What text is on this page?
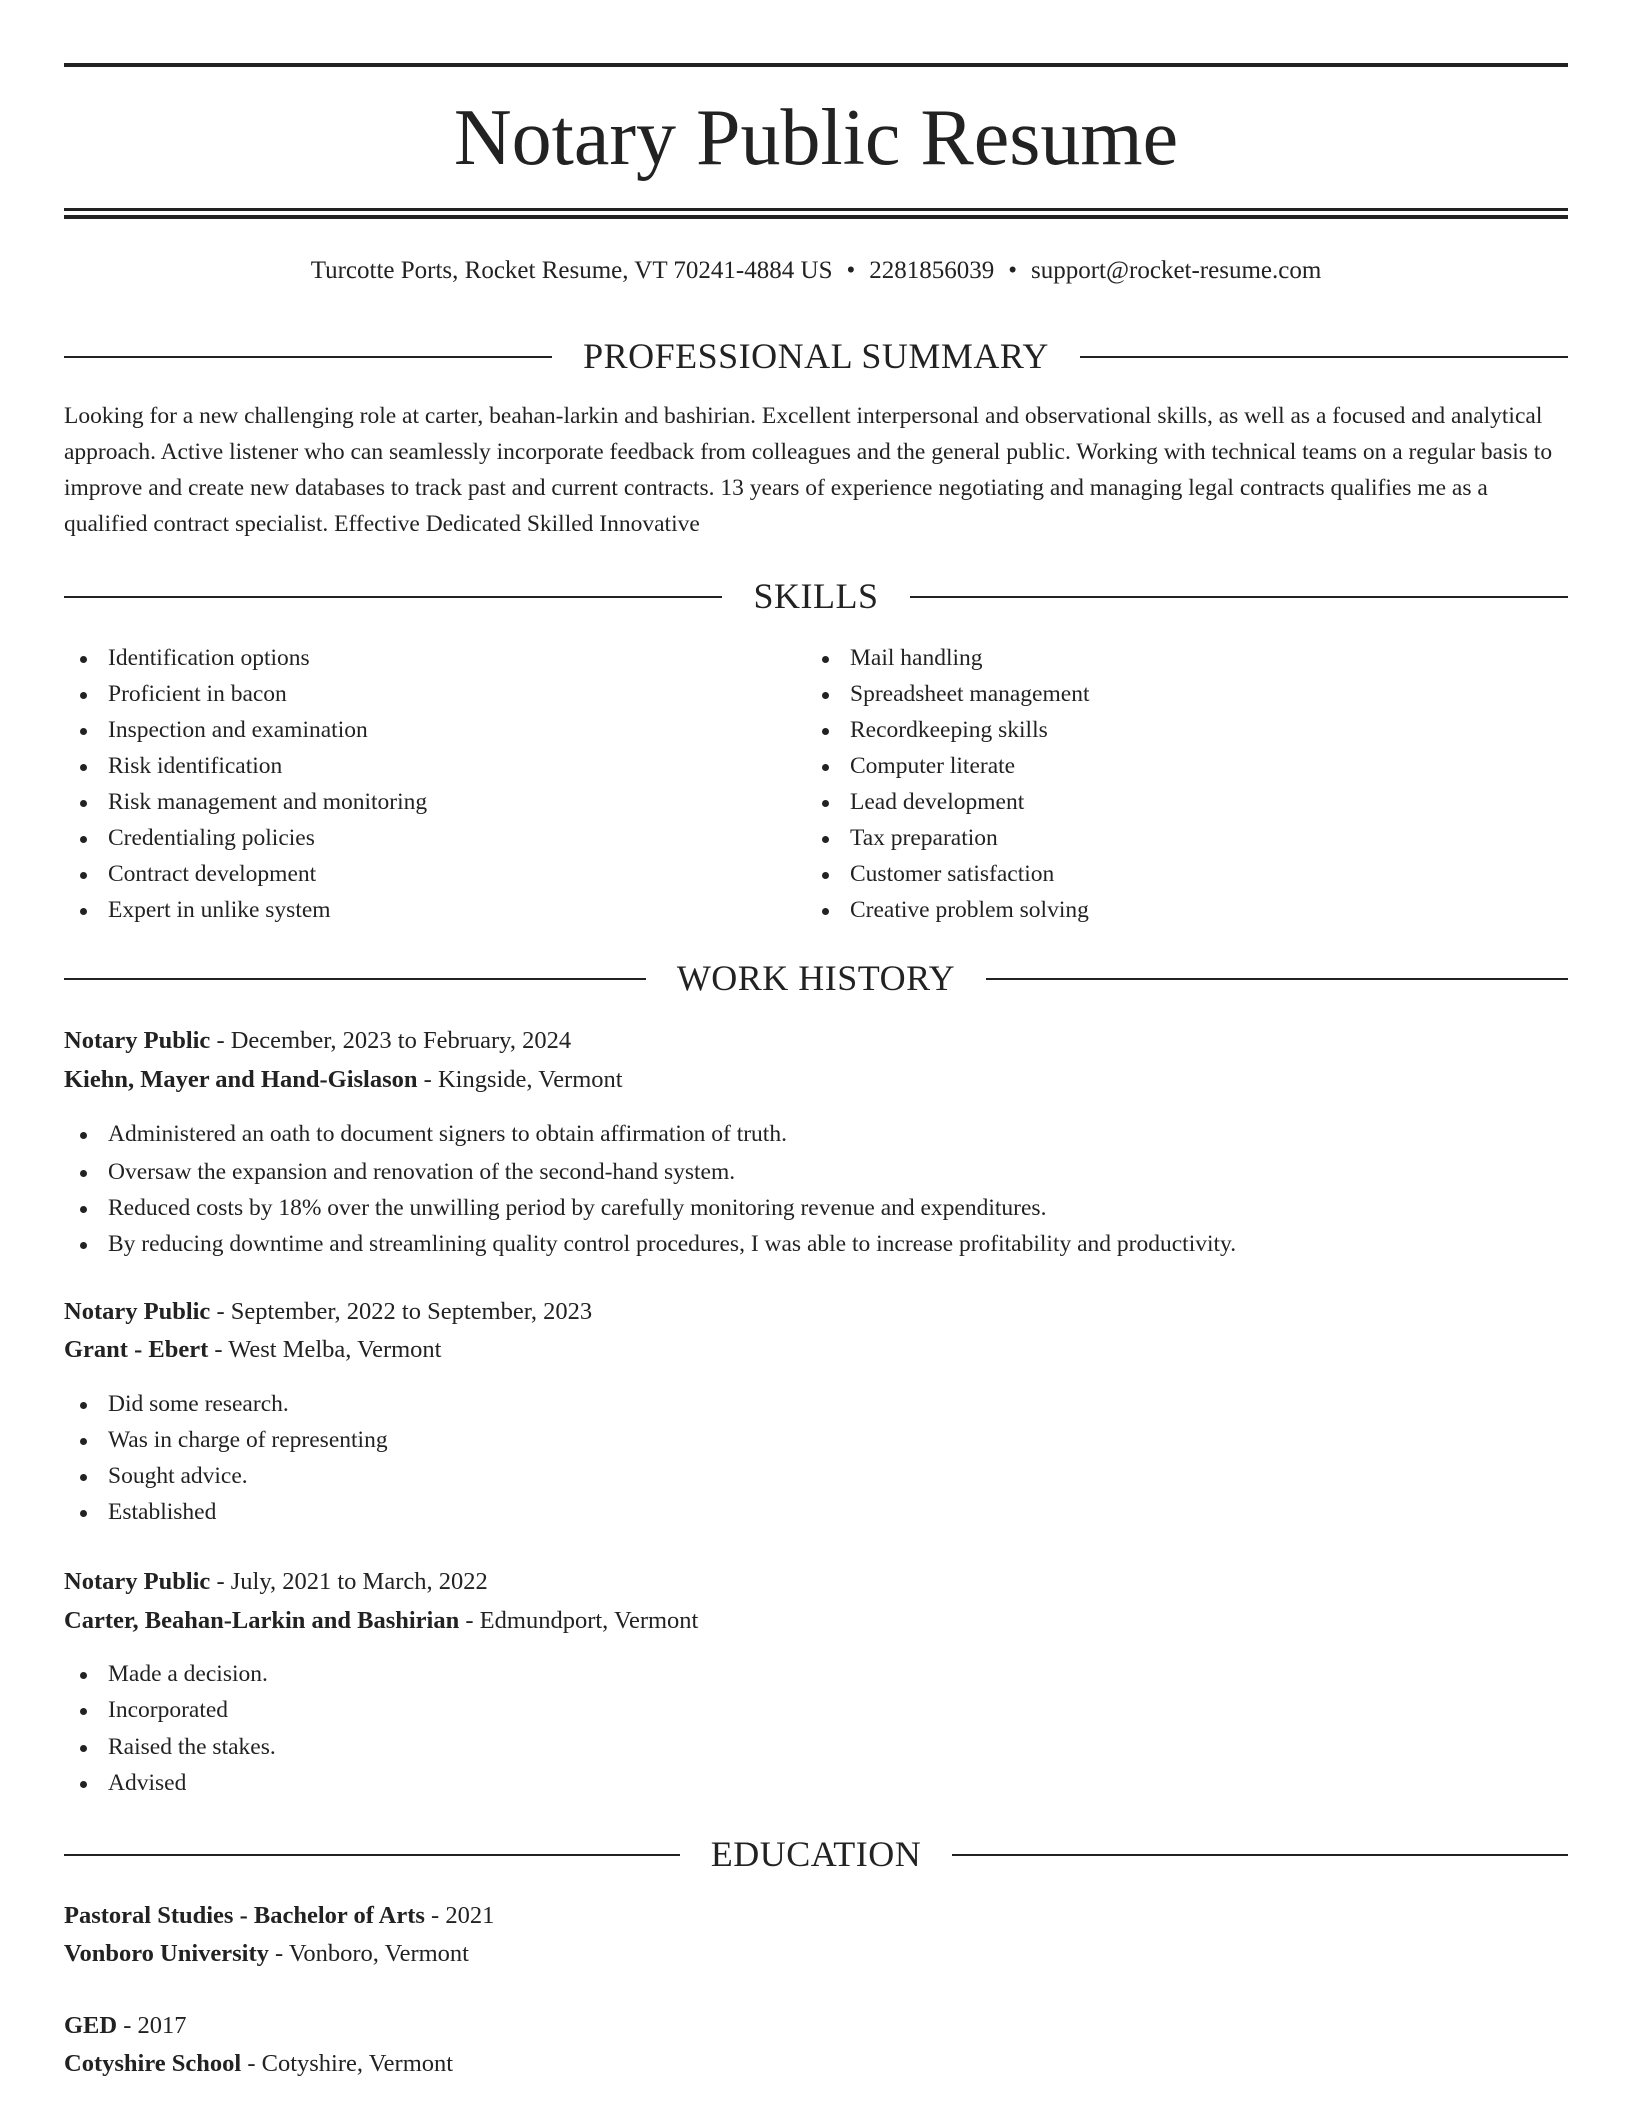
Notary Public Resume
Turcotte Ports, Rocket Resume, VT 70241-4884 US • 2281856039 • support@rocket-resume.com
PROFESSIONAL SUMMARY

Looking for a new challenging role at carter, beahan-larkin and bashirian. Excellent interpersonal and observational skills, as well as a focused and analytical approach. Active listener who can seamlessly incorporate feedback from colleagues and the general public. Working with technical teams on a regular basis to improve and create new databases to track past and current contracts. 13 years of experience negotiating and managing legal contracts qualifies me as a qualified contract specialist. Effective Dedicated Skilled Innovative

SKILLS
Identification options
Proficient in bacon
Inspection and examination
Risk identification
Risk management and monitoring
Credentialing policies
Contract development
Expert in unlike system
Mail handling
Spreadsheet management
Recordkeeping skills
Computer literate
Lead development
Tax preparation
Customer satisfaction
Creative problem solving
WORK HISTORY
Notary Public - December, 2023 to February, 2024
Kiehn, Mayer and Hand-Gislason - Kingside, Vermont
Administered an oath to document signers to obtain affirmation of truth.
Oversaw the expansion and renovation of the second-hand system.
Reduced costs by 18% over the unwilling period by carefully monitoring revenue and expenditures.
By reducing downtime and streamlining quality control procedures, I was able to increase profitability and productivity.
Notary Public - September, 2022 to September, 2023
Grant - Ebert - West Melba, Vermont
Did some research.
Was in charge of representing
Sought advice.
Established
Notary Public - July, 2021 to March, 2022
Carter, Beahan-Larkin and Bashirian - Edmundport, Vermont
Made a decision.
Incorporated
Raised the stakes.
Advised
EDUCATION
Pastoral Studies - Bachelor of Arts - 2021
Vonboro University - Vonboro, Vermont
GED - 2017
Cotyshire School - Cotyshire, Vermont
